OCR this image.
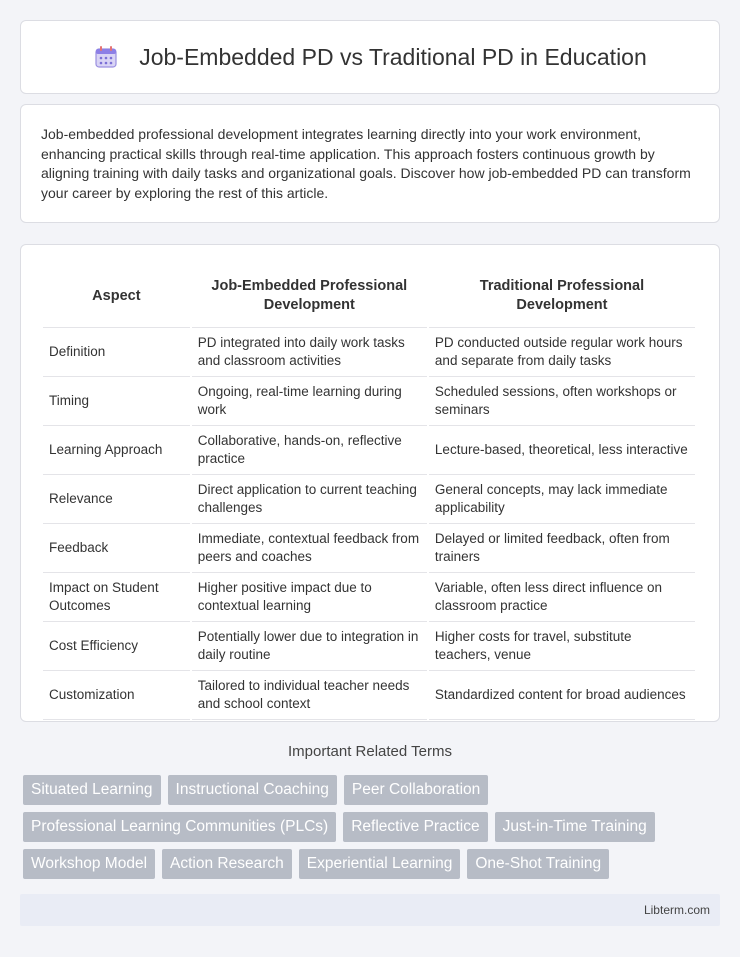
Job-Embedded PD vs Traditional PD in Education

Job-embedded professional development integrates learning directly into your work environment, enhancing practical skills through real-time application. This approach fosters continuous growth by aligning training with daily tasks and organizational goals. Discover how job-embedded PD can transform your career by exploring the rest of this article.

Aspect	Job-Embedded Professional Development	Traditional Professional Development
Definition	PD integrated into daily work tasks and classroom activities	PD conducted outside regular work hours and separate from daily tasks
Timing	Ongoing, real-time learning during work	Scheduled sessions, often workshops or seminars
Learning Approach	Collaborative, hands-on, reflective practice	Lecture-based, theoretical, less interactive
Relevance	Direct application to current teaching challenges	General concepts, may lack immediate applicability
Feedback	Immediate, contextual feedback from peers and coaches	Delayed or limited feedback, often from trainers
Impact on Student Outcomes	Higher positive impact due to contextual learning	Variable, often less direct influence on classroom practice
Cost Efficiency	Potentially lower due to integration in daily routine	Higher costs for travel, substitute teachers, venue
Customization	Tailored to individual teacher needs and school context	Standardized content for broad audiences
Important Related Terms
Situated Learning	Instructional Coaching	Peer Collaboration
Professional Learning Communities (PLCs)	Reflective Practice	Just-in-Time Training
Workshop Model	Action Research	Experiential Learning	One-Shot Training
Libterm.com
